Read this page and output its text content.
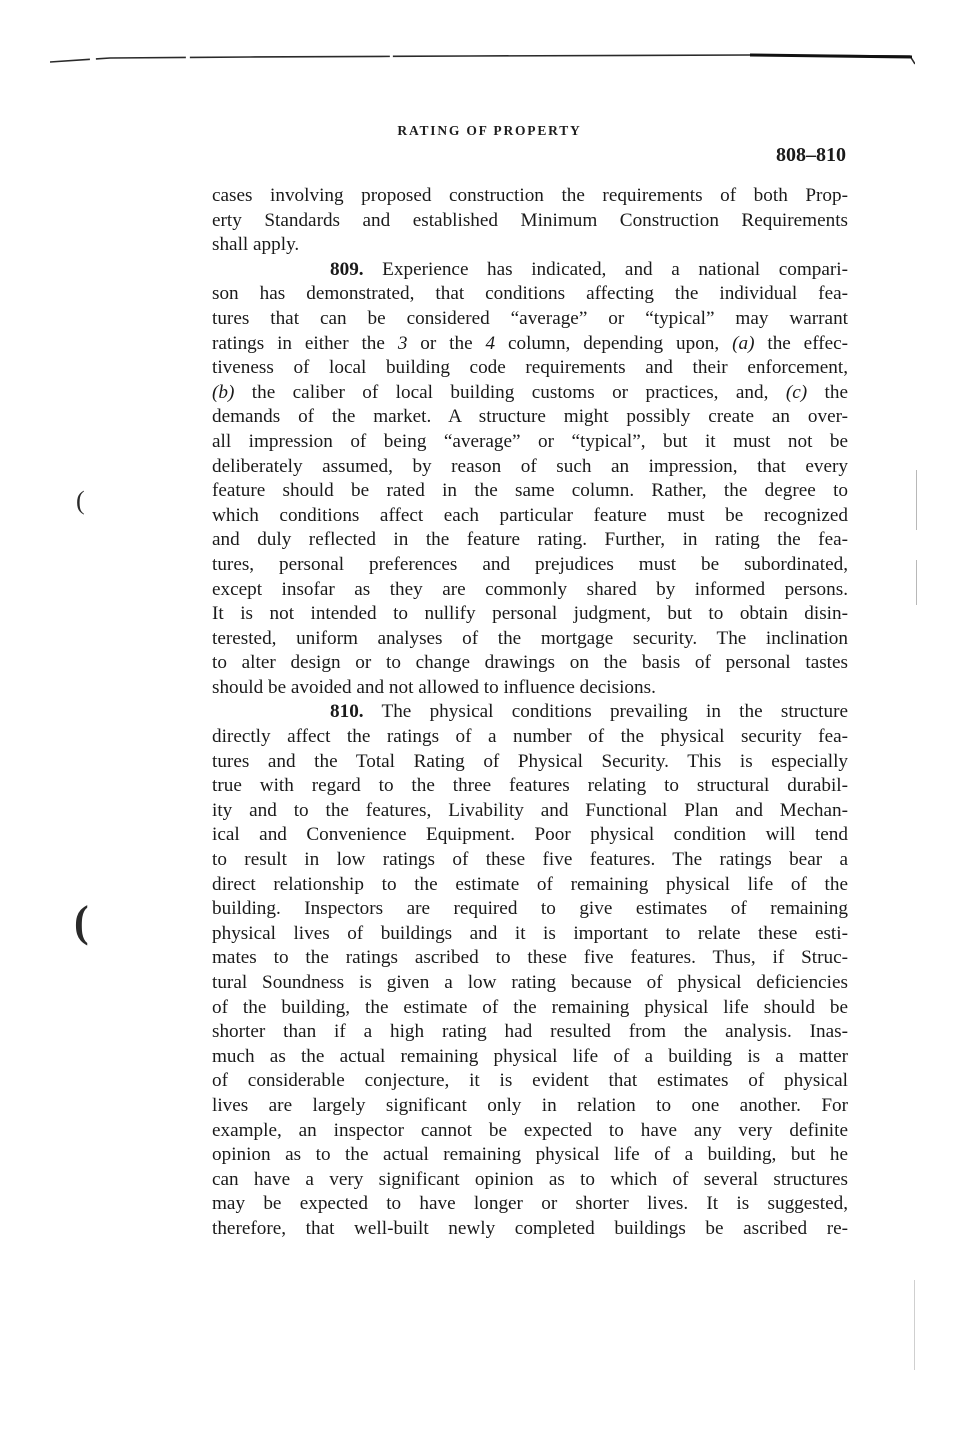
RATING OF PROPERTY
808–810
cases involving proposed construction the requirements of both Prop-
erty Standards and established Minimum Construction Requirements
shall apply.
809. Experience has indicated, and a national compari-
son has demonstrated, that conditions affecting the individual fea-
tures that can be considered “average” or “typical” may warrant
ratings in either the 3 or the 4 column, depending upon, (a) the effec-
tiveness of local building code requirements and their enforcement,
(b) the caliber of local building customs or practices, and, (c) the
demands of the market. A structure might possibly create an over-
all impression of being “average” or “typical”, but it must not be
deliberately assumed, by reason of such an impression, that every
feature should be rated in the same column. Rather, the degree to
which conditions affect each particular feature must be recognized
and duly reflected in the feature rating. Further, in rating the fea-
tures, personal preferences and prejudices must be subordinated,
except insofar as they are commonly shared by informed persons.
It is not intended to nullify personal judgment, but to obtain disin-
terested, uniform analyses of the mortgage security. The inclination
to alter design or to change drawings on the basis of personal tastes
should be avoided and not allowed to influence decisions.
810. The physical conditions prevailing in the structure
directly affect the ratings of a number of the physical security fea-
tures and the Total Rating of Physical Security. This is especially
true with regard to the three features relating to structural durabil-
ity and to the features, Livability and Functional Plan and Mechan-
ical and Convenience Equipment. Poor physical condition will tend
to result in low ratings of these five features. The ratings bear a
direct relationship to the estimate of remaining physical life of the
building. Inspectors are required to give estimates of remaining
physical lives of buildings and it is important to relate these esti-
mates to the ratings ascribed to these five features. Thus, if Struc-
tural Soundness is given a low rating because of physical deficiencies
of the building, the estimate of the remaining physical life should be
shorter than if a high rating had resulted from the analysis. Inas-
much as the actual remaining physical life of a building is a matter
of considerable conjecture, it is evident that estimates of physical
lives are largely significant only in relation to one another. For
example, an inspector cannot be expected to have any very definite
opinion as to the actual remaining physical life of a building, but he
can have a very significant opinion as to which of several structures
may be expected to have longer or shorter lives. It is suggested,
therefore, that well-built newly completed buildings be ascribed re-
(
(
